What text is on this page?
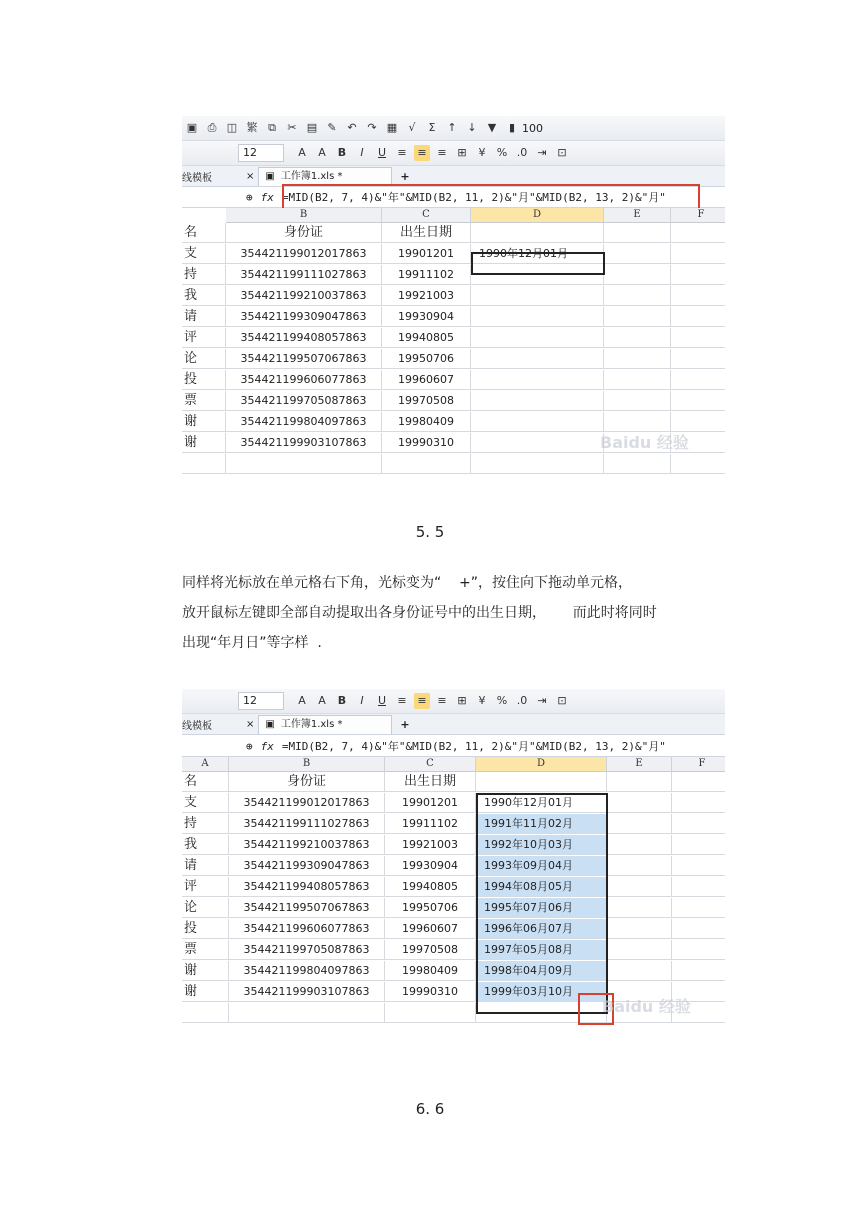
▣ ⎙ ◫ 繁 ⧉	✂ ▤ ✎ ↶ ↷ ▦	√	Σ	↑ ↓	▼	▮ 100
12	A	A	B	I	U	≡ ≡ ≡ ⊞	¥	% .0 ⇥ ⊡
线模板	× ▣ 工作簿1.xls *	+
⊕ fx =MID(B2, 7, 4)&"年"&MID(B2, 11, 2)&"月"&MID(B2, 13, 2)&"月"
B	C	D	E	F
名	身份证	出生日期
支	354421199012017863	19901201	1990年12月01月
持	354421199111027863	19911102
我	354421199210037863	19921003
请	354421199309047863	19930904
评	354421199408057863	19940805
论	354421199507067863	19950706
投	354421199606077863	19960607
票	354421199705087863	19970508
谢	354421199804097863	19980409
谢	354421199903107863	19990310	Baidu 经验
5. 5

同样将光标放在单元格右下角，光标变为“    +”，按住向下拖动单元格，

放开鼠标左键即全部自动提取出各身份证号中的出生日期，      而此时将同时

出现“年月日”等字样  .

12	A	A	B	I	U	≡ ≡ ≡ ⊞	¥	% .0 ⇥ ⊡
线模板	× ▣ 工作簿1.xls *	+
⊕ fx =MID(B2, 7, 4)&"年"&MID(B2, 11, 2)&"月"&MID(B2, 13, 2)&"月"
A	B	C	D	E	F
名	身份证	出生日期
支	354421199012017863	19901201	1990年12月01月
持	354421199111027863	19911102	1991年11月02月
我	354421199210037863	19921003	1992年10月03月
请	354421199309047863	19930904	1993年09月04月
评	354421199408057863	19940805	1994年08月05月
论	354421199507067863	19950706	1995年07月06月
投	354421199606077863	19960607	1996年06月07月
票	354421199705087863	19970508	1997年05月08月
谢	354421199804097863	19980409	1998年04月09月
谢	354421199903107863	19990310	1999年03月10月
Baidu 经验
6. 6
